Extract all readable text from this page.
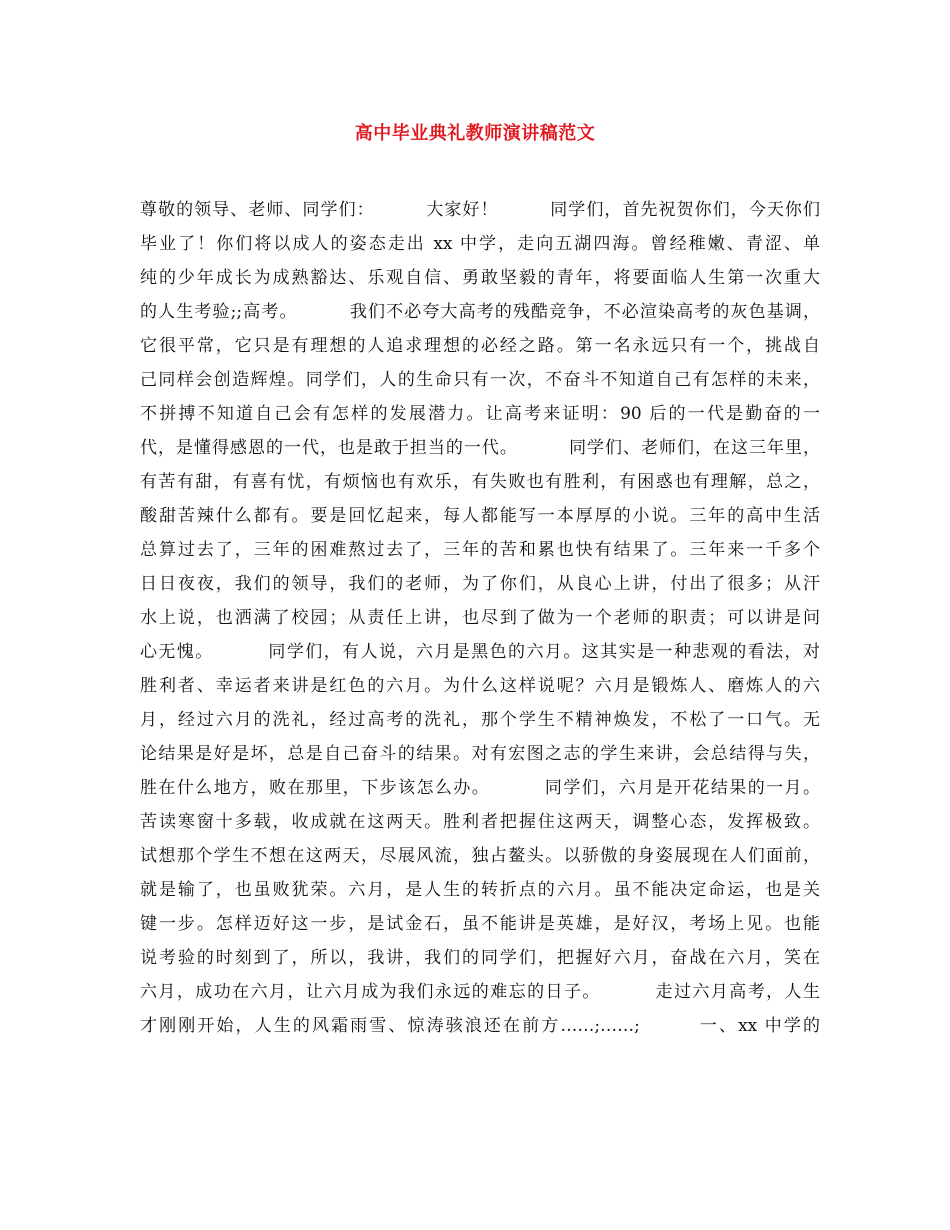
高中毕业典礼教师演讲稿范文
尊敬的领导、老师、同学们：        大家好！        同学们，首先祝贺你们，今天你们
毕业了！你们将以成人的姿态走出 xx 中学，走向五湖四海。曾经稚嫩、青涩、单
纯的少年成长为成熟豁达、乐观自信、勇敢坚毅的青年，将要面临人生第一次重大
的人生考验;;高考。        我们不必夸大高考的残酷竞争，不必渲染高考的灰色基调，
它很平常，它只是有理想的人追求理想的必经之路。第一名永远只有一个，挑战自
己同样会创造辉煌。同学们，人的生命只有一次，不奋斗不知道自己有怎样的未来，
不拼搏不知道自己会有怎样的发展潜力。让高考来证明：90 后的一代是勤奋的一
代，是懂得感恩的一代，也是敢于担当的一代。        同学们、老师们，在这三年里，
有苦有甜，有喜有忧，有烦恼也有欢乐，有失败也有胜利，有困惑也有理解，总之，
酸甜苦辣什么都有。要是回忆起来，每人都能写一本厚厚的小说。三年的高中生活
总算过去了，三年的困难熬过去了，三年的苦和累也快有结果了。三年来一千多个
日日夜夜，我们的领导，我们的老师，为了你们，从良心上讲，付出了很多；从汗
水上说，也洒满了校园；从责任上讲，也尽到了做为一个老师的职责；可以讲是问
心无愧。        同学们，有人说，六月是黑色的六月。这其实是一种悲观的看法，对
胜利者、幸运者来讲是红色的六月。为什么这样说呢？六月是锻炼人、磨炼人的六
月，经过六月的洗礼，经过高考的洗礼，那个学生不精神焕发，不松了一口气。无
论结果是好是坏，总是自己奋斗的结果。对有宏图之志的学生来讲，会总结得与失，
胜在什么地方，败在那里，下步该怎么办。        同学们，六月是开花结果的一月。
苦读寒窗十多载，收成就在这两天。胜利者把握住这两天，调整心态，发挥极致。
试想那个学生不想在这两天，尽展风流，独占鳌头。以骄傲的身姿展现在人们面前，
就是输了，也虽败犹荣。六月，是人生的转折点的六月。虽不能决定命运，也是关
键一步。怎样迈好这一步，是试金石，虽不能讲是英雄，是好汉，考场上见。也能
说考验的时刻到了，所以，我讲，我们的同学们，把握好六月，奋战在六月，笑在
六月，成功在六月，让六月成为我们永远的难忘的日子。        走过六月高考，人生
才刚刚开始，人生的风霜雨雪、惊涛骇浪还在前方……;……;        一、xx 中学的
